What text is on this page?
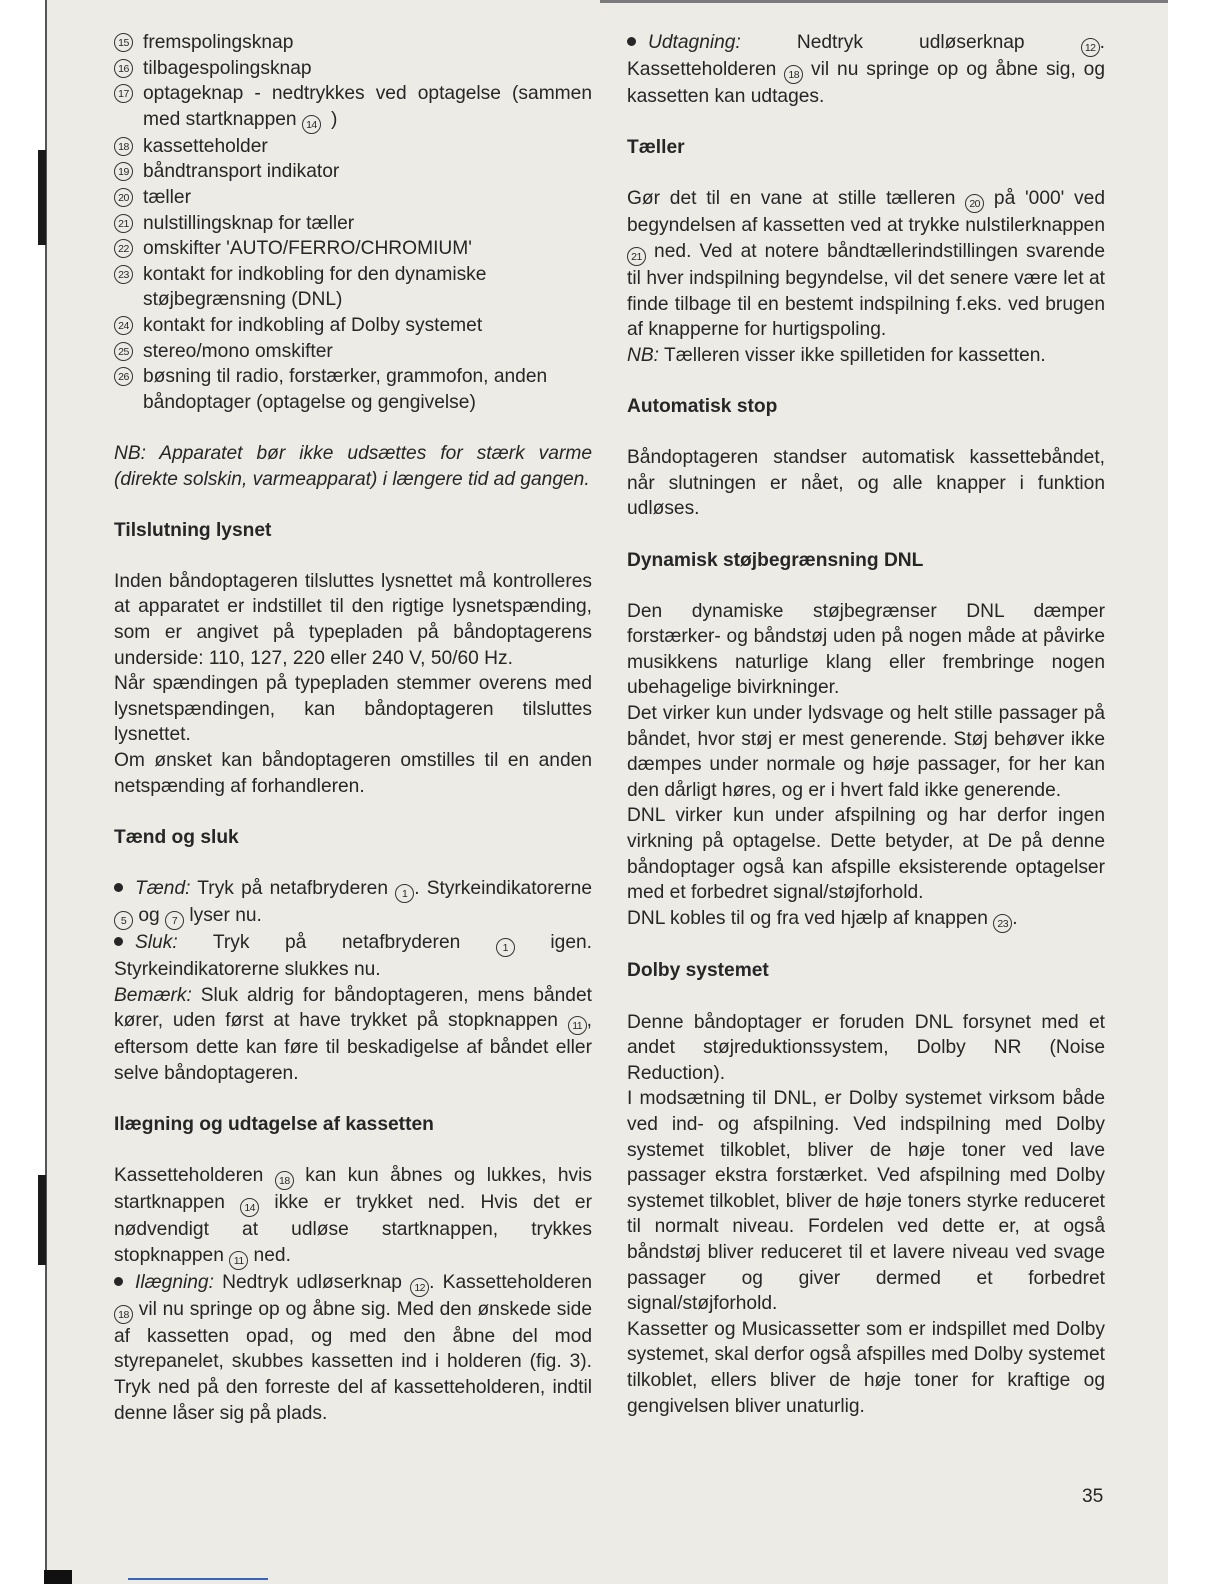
15 fremspolingsknap
16 tilbagespolingsknap
17 optageknap - nedtrykkes ved optagelse (sammen med startknappen 14 )
18 kassetteholder
19 båndtransport indikator
20 tæller
21 nulstillingsknap for tæller
22 omskifter 'AUTO/FERRO/CHROMIUM'
23 kontakt for indkobling for den dynamiske støjbegrænsning (DNL)
24 kontakt for indkobling af Dolby systemet
25 stereo/mono omskifter
26 bøsning til radio, forstærker, grammofon, anden båndoptager (optagelse og gengivelse)

NB: Apparatet bør ikke udsættes for stærk varme (direkte solskin, varmeapparat) i længere tid ad gangen.

Tilslutning lysnet

Inden båndoptageren tilsluttes lysnettet må kontrolleres at apparatet er indstillet til den rigtige lysnetspænding, som er angivet på typepladen på båndoptagerens underside: 110, 127, 220 eller 240 V, 50/60 Hz.

Når spændingen på typepladen stemmer overens med lysnetspændingen, kan båndoptageren tilsluttes lysnettet.

Om ønsket kan båndoptageren omstilles til en anden netspænding af forhandleren.

Tænd og sluk

Tænd: Tryk på netafbryderen 1 . Styrkeindikatorerne 5 og 7 lyser nu.

Sluk: Tryk på netafbryderen 1 igen. Styrkeindikatorerne slukkes nu.

Bemærk: Sluk aldrig for båndoptageren, mens båndet kører, uden først at have trykket på stopknappen 11 , eftersom dette kan føre til beskadigelse af båndet eller selve båndoptageren.

Ilægning og udtagelse af kassetten

Kassetteholderen 18 kan kun åbnes og lukkes, hvis startknappen 14 ikke er trykket ned. Hvis det er nødvendigt at udløse startknappen, trykkes stopknappen 11 ned.

Ilægning: Nedtryk udløserknap 12 . Kassetteholderen 18 vil nu springe op og åbne sig. Med den ønskede side af kassetten opad, og med den åbne del mod styrepanelet, skubbes kassetten ind i holderen (fig. 3). Tryk ned på den forreste del af kassetteholderen, indtil denne låser sig på plads.

Udtagning: Nedtryk udløserknap 12 . Kassetteholderen 18 vil nu springe op og åbne sig, og kassetten kan udtages.

Tæller

Gør det til en vane at stille tælleren 20 på '000' ved begyndelsen af kassetten ved at trykke nulstilerknappen 21 ned. Ved at notere båndtællerindstillingen svarende til hver indspilning begyndelse, vil det senere være let at finde tilbage til en bestemt indspilning f.eks. ved brugen af knapperne for hurtigspoling.

NB: Tælleren visser ikke spilletiden for kassetten.

Automatisk stop

Båndoptageren standser automatisk kassettebåndet, når slutningen er nået, og alle knapper i funktion udløses.

Dynamisk støjbegrænsning DNL

Den dynamiske støjbegrænser DNL dæmper forstærker- og båndstøj uden på nogen måde at påvirke musikkens naturlige klang eller frembringe nogen ubehagelige bivirkninger.

Det virker kun under lydsvage og helt stille passager på båndet, hvor støj er mest generende. Støj behøver ikke dæmpes under normale og høje passager, for her kan den dårligt høres, og er i hvert fald ikke generende.

DNL virker kun under afspilning og har derfor ingen virkning på optagelse. Dette betyder, at De på denne båndoptager også kan afspille eksisterende optagelser med et forbedret signal/støjforhold.

DNL kobles til og fra ved hjælp af knappen 23 .

Dolby systemet

Denne båndoptager er foruden DNL forsynet med et andet støjreduktionssystem, Dolby NR (Noise Reduction).

I modsætning til DNL, er Dolby systemet virksom både ved ind- og afspilning. Ved indspilning med Dolby systemet tilkoblet, bliver de høje toner ved lave passager ekstra forstærket. Ved afspilning med Dolby systemet tilkoblet, bliver de høje toners styrke reduceret til normalt niveau. Fordelen ved dette er, at også båndstøj bliver reduceret til et lavere niveau ved svage passager og giver dermed et forbedret signal/støjforhold.

Kassetter og Musicassetter som er indspillet med Dolby systemet, skal derfor også afspilles med Dolby systemet tilkoblet, ellers bliver de høje toner for kraftige og gengivelsen bliver unaturlig.

35
